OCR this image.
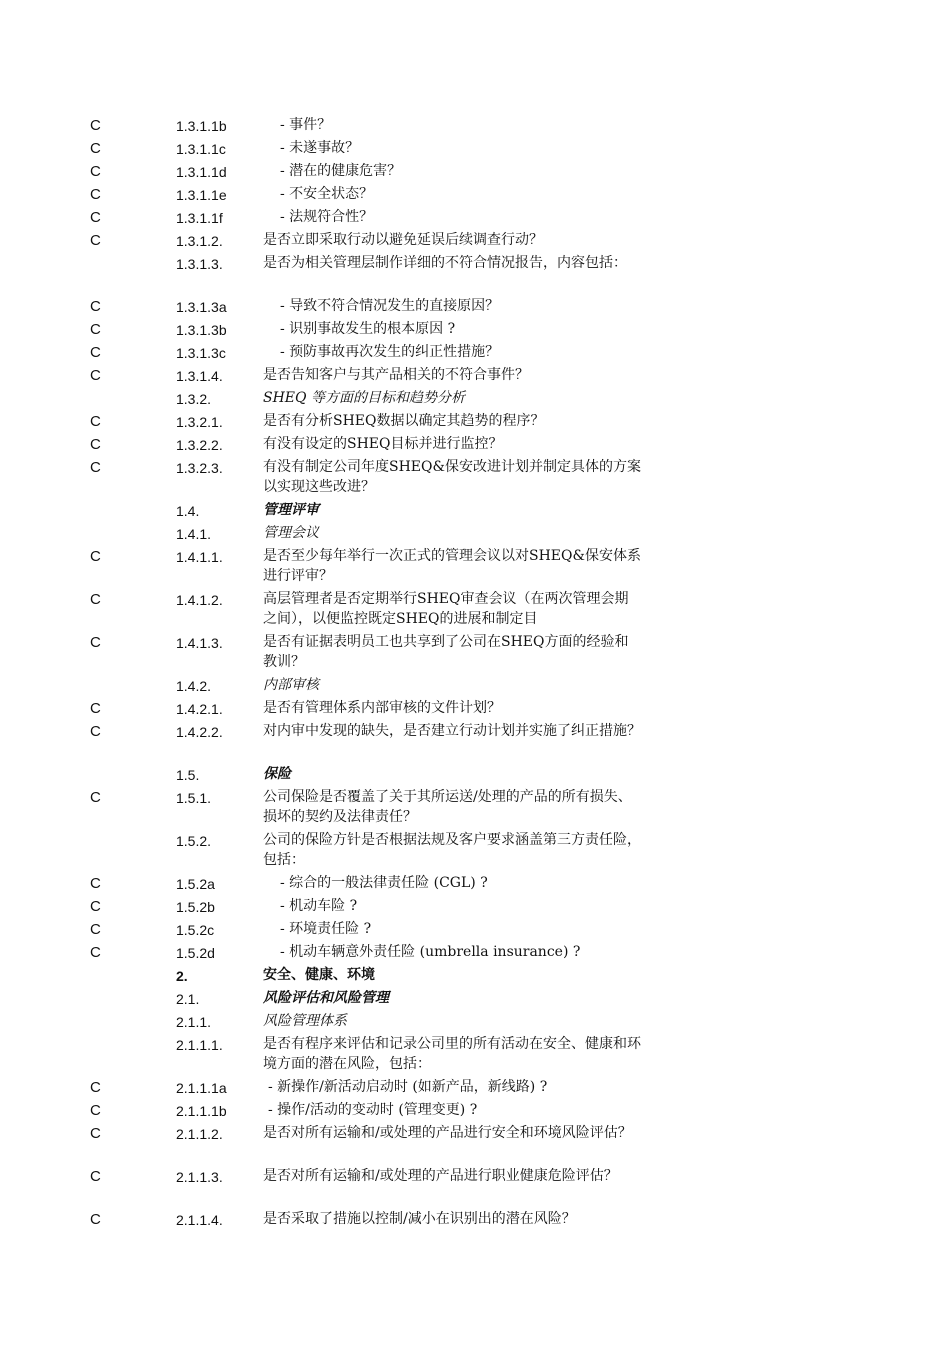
C	1.3.1.1b	- 事件？
C	1.3.1.1c	- 未遂事故？
C	1.3.1.1d	- 潜在的健康危害？
C	1.3.1.1e	- 不安全状态？
C	1.3.1.1f	- 法规符合性？
C	1.3.1.2.	是否立即采取行动以避免延误后续调查行动？
1.3.1.3.	是否为相关管理层制作详细的不符合情况报告，内容包括：
C	1.3.1.3a	- 导致不符合情况发生的直接原因？
C	1.3.1.3b	- 识别事故发生的根本原因 ?
C	1.3.1.3c	- 预防事故再次发生的纠正性措施？
C	1.3.1.4.	是否告知客户与其产品相关的不符合事件？
1.3.2.	SHEQ 等方面的目标和趋势分析
C	1.3.2.1.	是否有分析SHEQ数据以确定其趋势的程序？
C	1.3.2.2.	有没有设定的SHEQ目标并进行监控？
C	1.3.2.3.	有没有制定公司年度SHEQ&保安改进计划并制定具体的方案以实现这些改进？
1.4.	管理评审
1.4.1.	管理会议
C	1.4.1.1.	是否至少每年举行一次正式的管理会议以对SHEQ&保安体系进行评审？
C	1.4.1.2.	高层管理者是否定期举行SHEQ审查会议（在两次管理会期之间），以便监控既定SHEQ的进展和制定目
C	1.4.1.3.	是否有证据表明员工也共享到了公司在SHEQ方面的经验和教训？
1.4.2.	内部审核
C	1.4.2.1.	是否有管理体系内部审核的文件计划？
C	1.4.2.2.	对内审中发现的缺失，是否建立行动计划并实施了纠正措施？
1.5.	保险
C	1.5.1.	公司保险是否覆盖了关于其所运送/处理的产品的所有损失、损坏的契约及法律责任？
1.5.2.	公司的保险方针是否根据法规及客户要求涵盖第三方责任险，包括：
C	1.5.2a	- 综合的一般法律责任险 (CGL) ?
C	1.5.2b	- 机动车险 ?
C	1.5.2c	- 环境责任险 ?
C	1.5.2d	- 机动车辆意外责任险 (umbrella insurance) ?
2.	安全、健康、环境
2.1.	风险评估和风险管理
2.1.1.	风险管理体系
2.1.1.1.	是否有程序来评估和记录公司里的所有活动在安全、健康和环境方面的潜在风险，包括：
C	2.1.1.1a	- 新操作/新活动启动时 (如新产品，新线路) ?
C	2.1.1.1b	- 操作/活动的变动时 (管理变更) ?
C	2.1.1.2.	是否对所有运输和/或处理的产品进行安全和环境风险评估？
C	2.1.1.3.	是否对所有运输和/或处理的产品进行职业健康危险评估？
C	2.1.1.4.	是否采取了措施以控制/减小在识别出的潜在风险？
